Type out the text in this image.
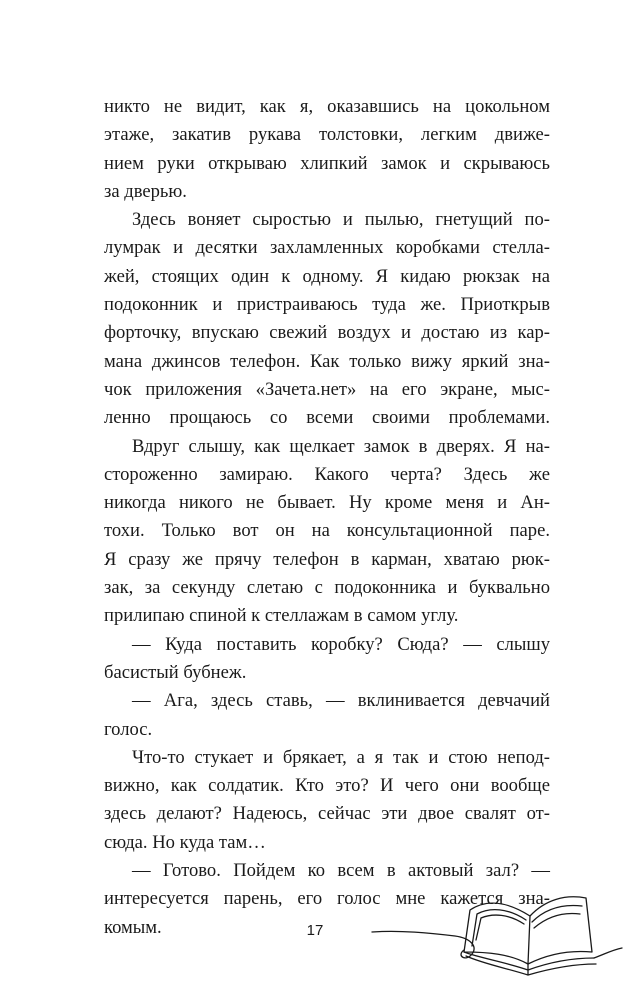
никто не видит, как я, оказавшись на цокольном
этаже, закатив рукава толстовки, легким движе-
нием руки открываю хлипкий замок и скрываюсь
за дверью.
Здесь воняет сыростью и пылью, гнетущий по-
лумрак и десятки захламленных коробками стелла-
жей, стоящих один к одному. Я кидаю рюкзак на
подоконник и пристраиваюсь туда же. Приоткрыв
форточку, впускаю свежий воздух и достаю из кар-
мана джинсов телефон. Как только вижу яркий зна-
чок приложения «Зачета.нет» на его экране, мыс-
ленно прощаюсь со всеми своими проблемами.
Вдруг слышу, как щелкает замок в дверях. Я на-
стороженно замираю. Какого черта? Здесь же
никогда никого не бывает. Ну кроме меня и Ан-
тохи. Только вот он на консультационной паре.
Я сразу же прячу телефон в карман, хватаю рюк-
зак, за секунду слетаю с подоконника и буквально
прилипаю спиной к стеллажам в самом углу.
— Куда поставить коробку? Сюда? — слышу
басистый бубнеж.
— Ага, здесь ставь, — вклинивается девчачий
голос.
Что-то стукает и брякает, а я так и стою непод-
вижно, как солдатик. Кто это? И чего они вообще
здесь делают? Надеюсь, сейчас эти двое свалят от-
сюда. Но куда там…
— Готово. Пойдем ко всем в актовый зал? —
интересуется парень, его голос мне кажется зна-
комым.	17
